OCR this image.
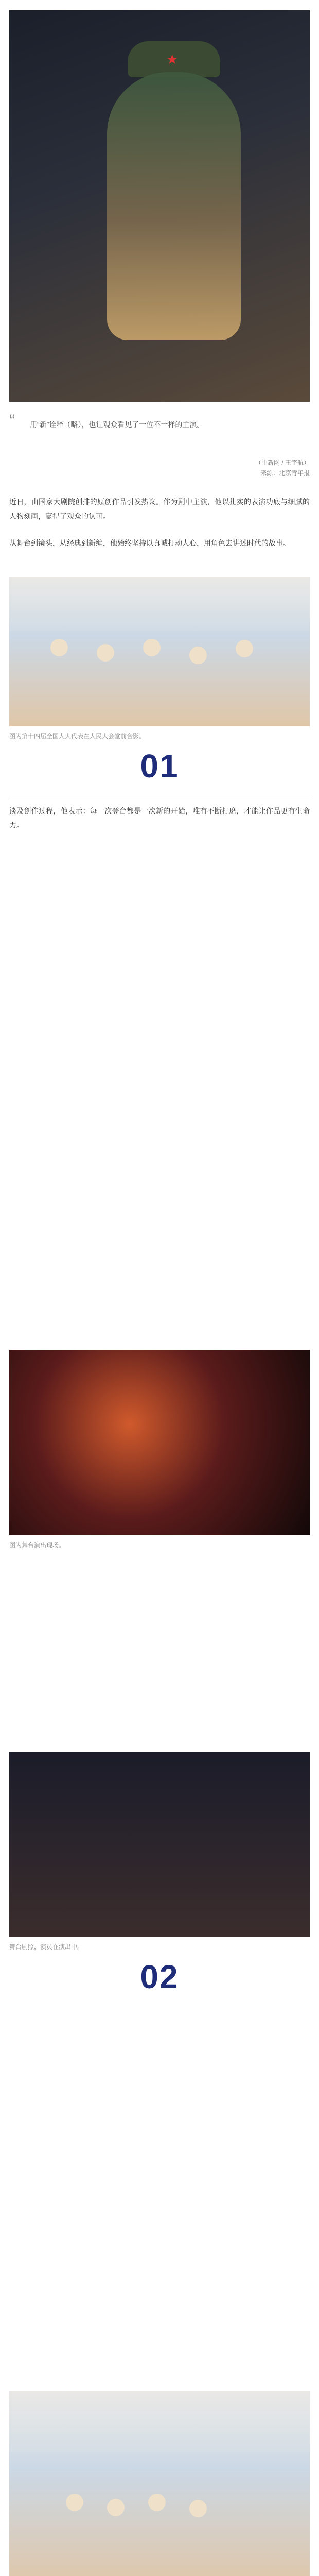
★
“ 用“新”诠释（略），也让观众看见了一位不一样的主演。
（中新网 / 王宇航）
来源：北京青年报
近日，由国家大剧院创排的原创作品引发热议。作为剧中主演，他以扎实的表演功底与细腻的人物刻画，赢得了观众的认可。
从舞台到镜头，从经典到新编，他始终坚持以真诚打动人心，用角色去讲述时代的故事。
图为第十四届全国人大代表在人民大会堂前合影。
01
谈及创作过程，他表示：每一次登台都是一次新的开始，唯有不断打磨，才能让作品更有生命力。
图为舞台演出现场。
舞台剧照，演员在演出中。
02
